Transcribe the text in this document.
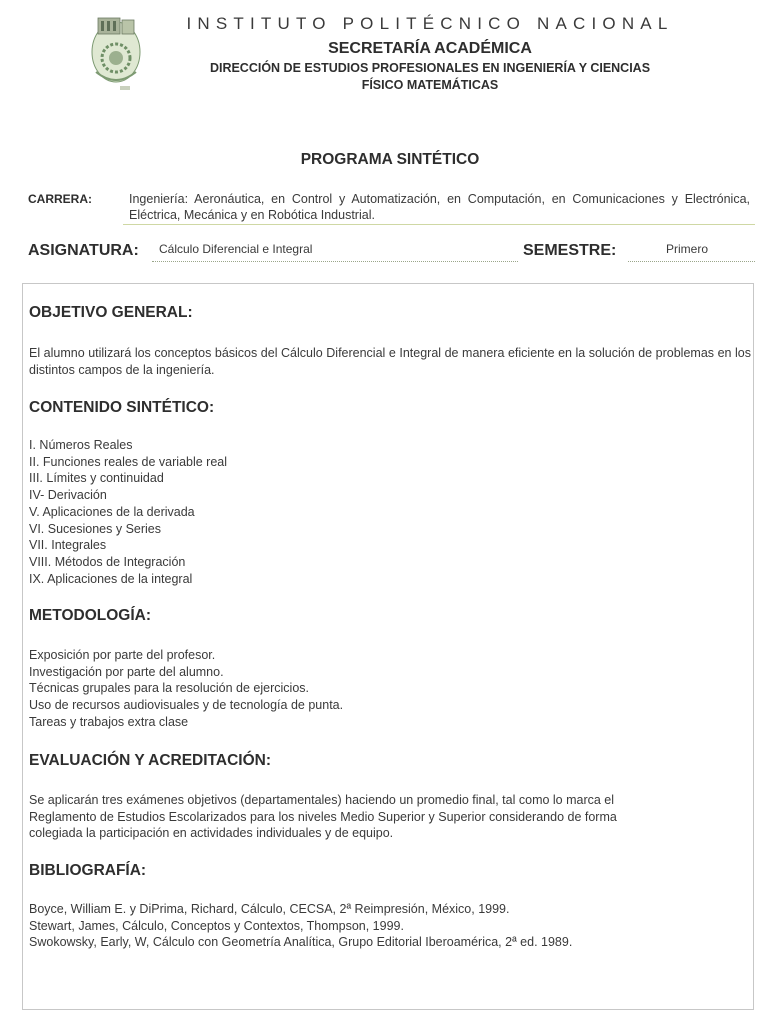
INSTITUTO POLITÉCNICO NACIONAL
SECRETARÍA ACADÉMICA
DIRECCIÓN DE ESTUDIOS PROFESIONALES EN INGENIERÍA Y CIENCIAS
FÍSICO MATEMÁTICAS
PROGRAMA SINTÉTICO
CARRERA:	Ingeniería: Aeronáutica, en Control y Automatización, en Computación, en Comunicaciones y Electrónica, Eléctrica, Mecánica y en Robótica Industrial.
ASIGNATURA: Cálculo Diferencial e Integral	SEMESTRE:	Primero
OBJETIVO GENERAL:
El alumno utilizará los conceptos básicos del Cálculo Diferencial e Integral de manera eficiente en la solución de problemas en los distintos campos de la ingeniería.
CONTENIDO SINTÉTICO:
I. Números Reales
II. Funciones reales de variable real
III. Límites y continuidad
IV- Derivación
V. Aplicaciones de la derivada
VI. Sucesiones y Series
VII. Integrales
VIII. Métodos de Integración
IX. Aplicaciones de la integral
METODOLOGÍA:
Exposición por parte del profesor.
Investigación por parte del alumno.
Técnicas grupales para la resolución de ejercicios.
Uso de recursos audiovisuales y de tecnología de punta.
Tareas y trabajos extra clase
EVALUACIÓN Y ACREDITACIÓN:
Se aplicarán tres exámenes objetivos (departamentales) haciendo un promedio final, tal como lo marca el
Reglamento de Estudios Escolarizados para los niveles Medio Superior y Superior considerando de forma
colegiada la participación en actividades individuales y de equipo.
BIBLIOGRAFÍA:
Boyce, William E. y DiPrima, Richard, Cálculo, CECSA, 2ª Reimpresión, México, 1999.
Stewart, James, Cálculo, Conceptos y Contextos, Thompson, 1999.
Swokowsky, Early, W, Cálculo con Geometría Analítica, Grupo Editorial Iberoamérica, 2ª ed. 1989.
